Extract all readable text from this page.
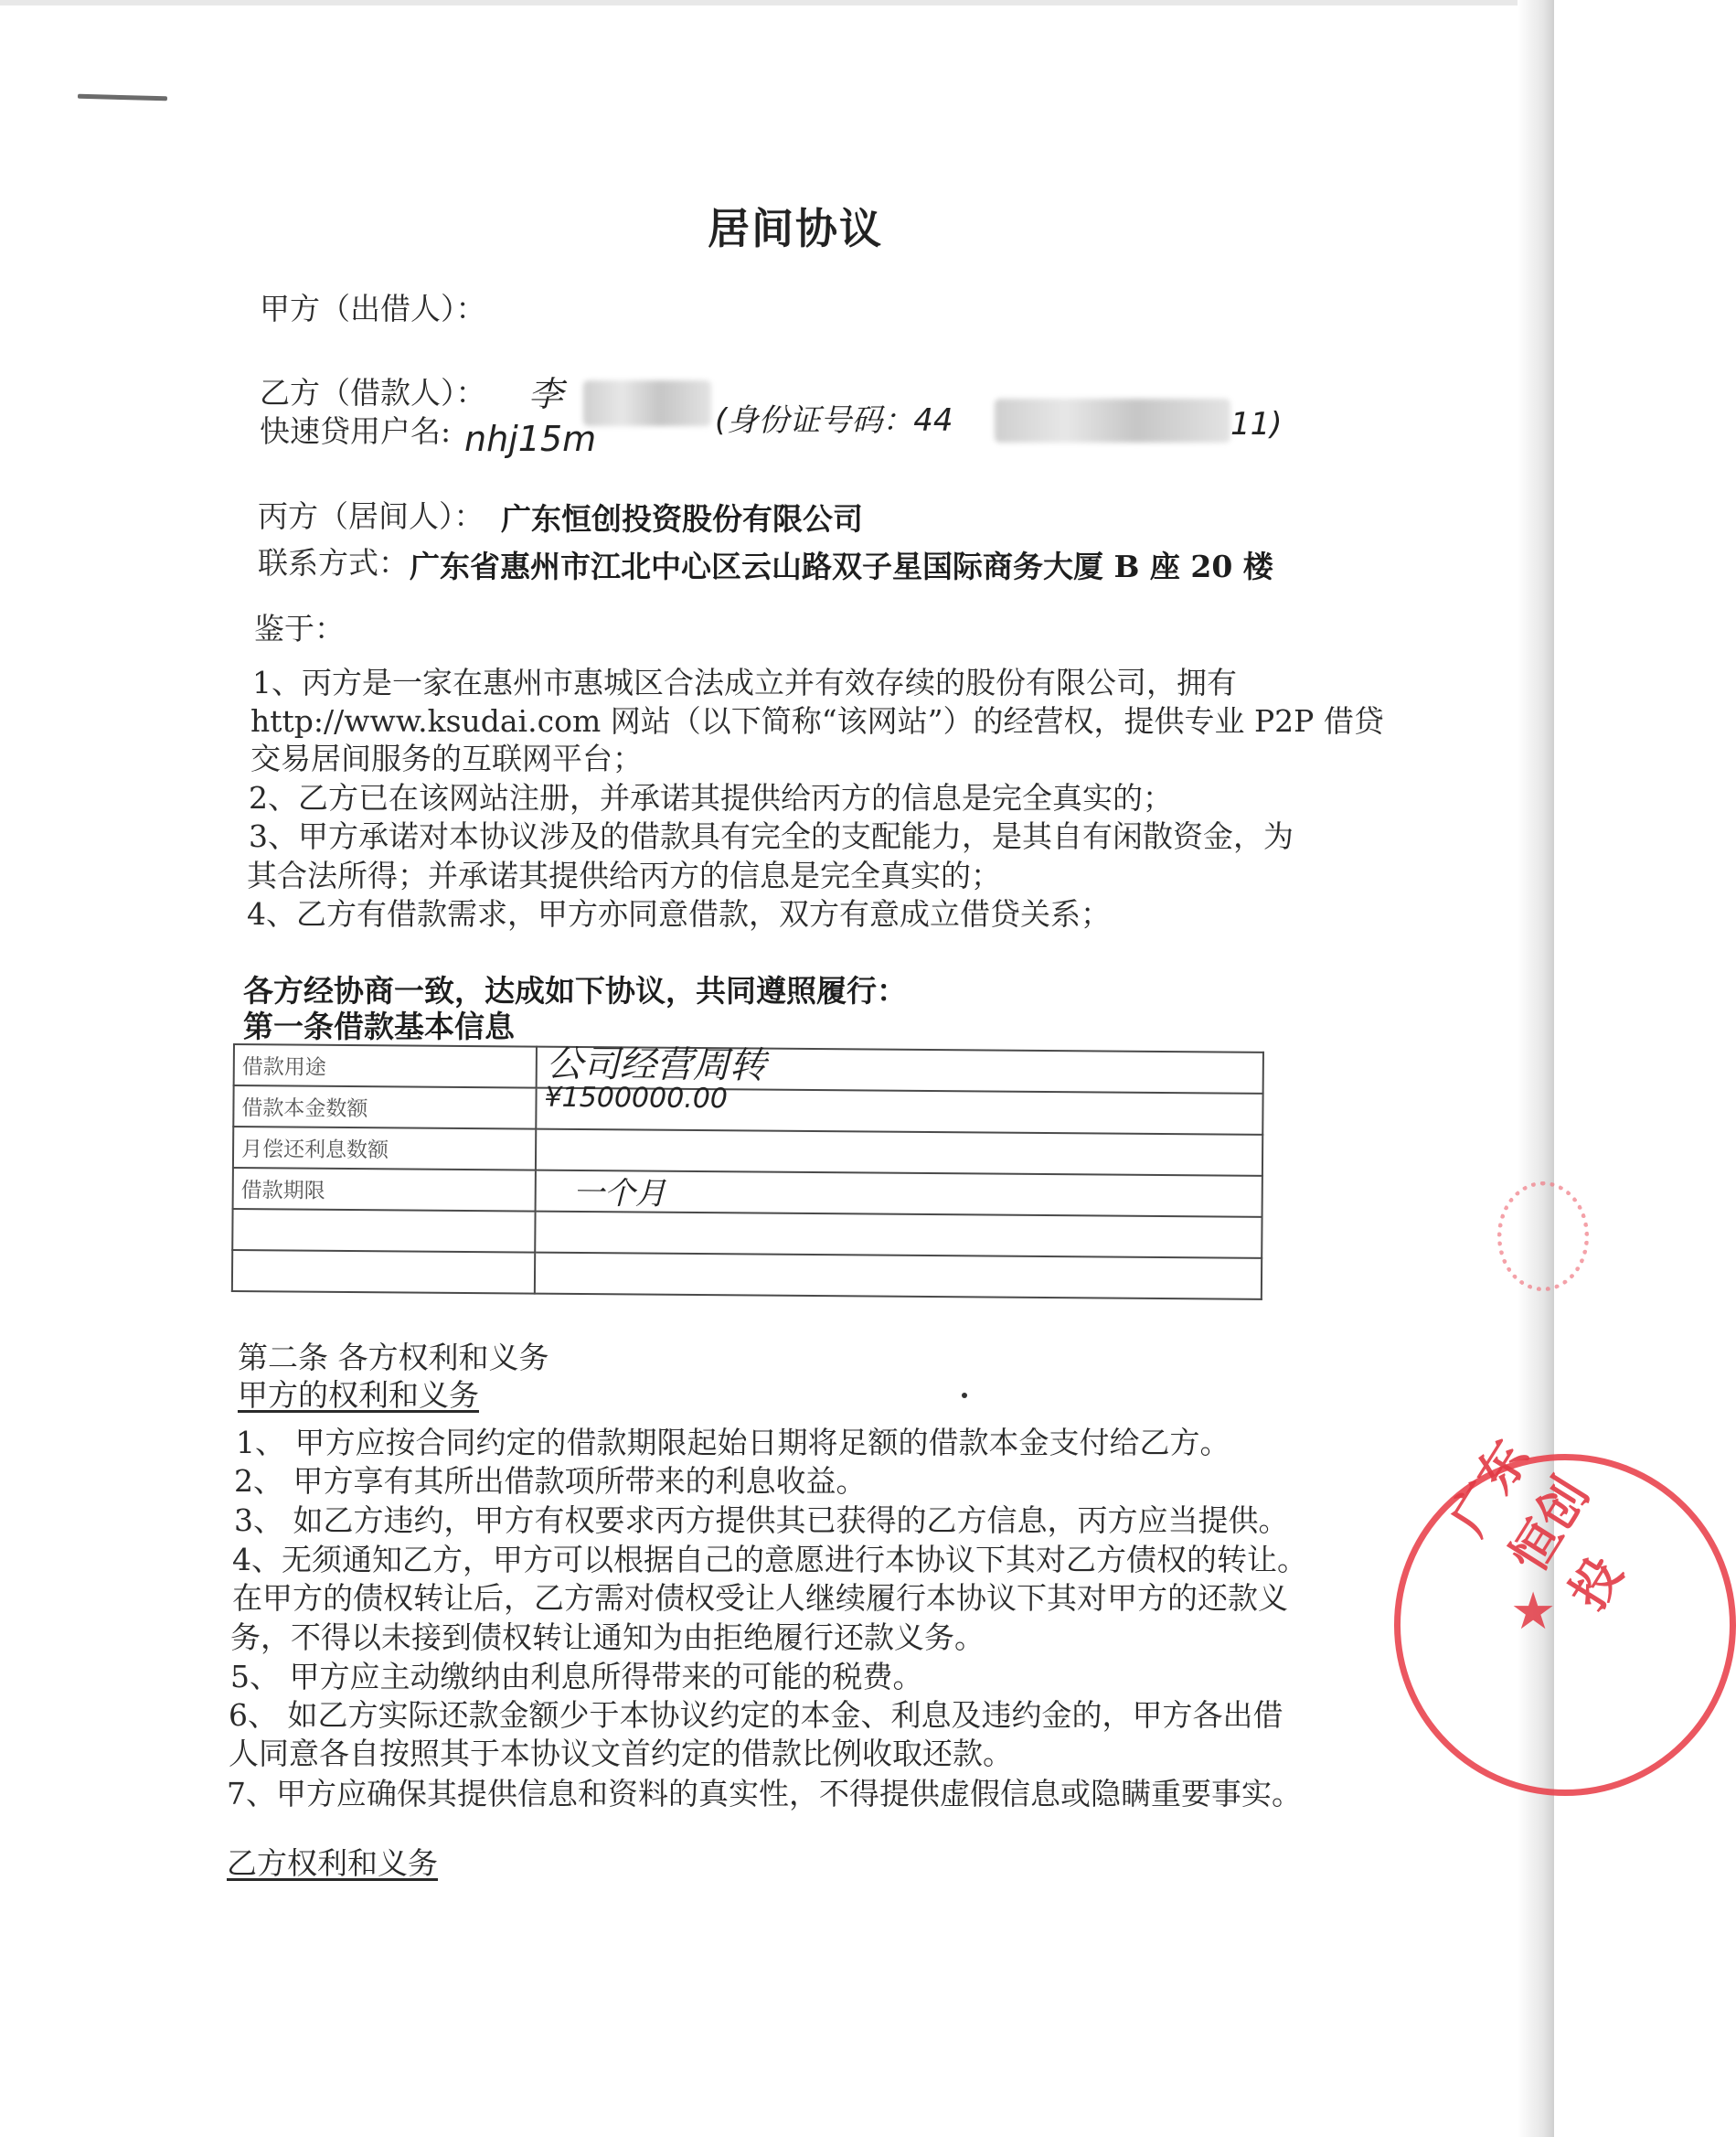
居间协议
甲方（出借人）：
乙方（借款人）： 李
(身份证号码：44	11)
快速贷用户名: nhj15m
丙方（居间人）： 广东恒创投资股份有限公司
联系方式： 广东省惠州市江北中心区云山路双子星国际商务大厦 B 座 20 楼
鉴于：
1、丙方是一家在惠州市惠城区合法成立并有效存续的股份有限公司，拥有
http://www.ksudai.com 网站（以下简称“该网站”）的经营权，提供专业 P2P 借贷
交易居间服务的互联网平台；
2、乙方已在该网站注册，并承诺其提供给丙方的信息是完全真实的；
3、甲方承诺对本协议涉及的借款具有完全的支配能力，是其自有闲散资金，为
其合法所得；并承诺其提供给丙方的信息是完全真实的；
4、乙方有借款需求，甲方亦同意借款，双方有意成立借贷关系；
各方经协商一致，达成如下协议，共同遵照履行：
第一条借款基本信息
借款用途	公司经营周转

借款本金数额	¥1500000.00

月偿还利息数额	
借款期限	一个月

第二条 各方权利和义务
甲方的权利和义务
1、 甲方应按合同约定的借款期限起始日期将足额的借款本金支付给乙方。
2、 甲方享有其所出借款项所带来的利息收益。
3、 如乙方违约，甲方有权要求丙方提供其已获得的乙方信息，丙方应当提供。
4、无须通知乙方，甲方可以根据自己的意愿进行本协议下其对乙方债权的转让。
在甲方的债权转让后，乙方需对债权受让人继续履行本协议下其对甲方的还款义
务，不得以未接到债权转让通知为由拒绝履行还款义务。
5、 甲方应主动缴纳由利息所得带来的可能的税费。
6、 如乙方实际还款金额少于本协议约定的本金、利息及违约金的，甲方各出借
人同意各自按照其于本协议文首约定的借款比例收取还款。
7、甲方应确保其提供信息和资料的真实性，不得提供虚假信息或隐瞒重要事实。
乙方权利和义务
广东恒创投
★
